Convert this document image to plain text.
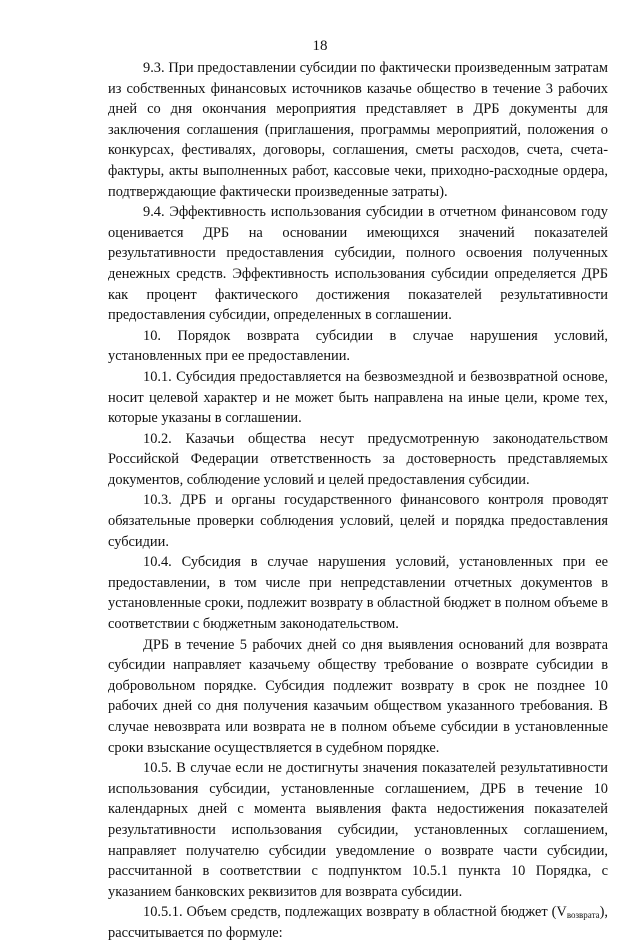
18

9.3. При предоставлении субсидии по фактически произведенным затратам из собственных финансовых источников казачье общество в течение 3 рабочих дней со дня окончания мероприятия представляет в ДРБ документы для заключения соглашения (приглашения, программы мероприятий, положения о конкурсах, фестивалях, договоры, соглашения, сметы расходов, счета, счета-фактуры, акты выполненных работ, кассовые чеки, приходно-расходные ордера, подтверждающие фактически произведенные затраты).

9.4. Эффективность использования субсидии в отчетном финансовом году оценивается ДРБ на основании имеющихся значений показателей результативности предоставления субсидии, полного освоения полученных денежных средств. Эффективность использования субсидии определяется ДРБ как процент фактического достижения показателей результативности предоставления субсидии, определенных в соглашении.

10. Порядок возврата субсидии в случае нарушения условий, установленных при ее предоставлении.

10.1. Субсидия предоставляется на безвозмездной и безвозвратной основе, носит целевой характер и не может быть направлена на иные цели, кроме тех, которые указаны в соглашении.

10.2. Казачьи общества несут предусмотренную законодательством Российской Федерации ответственность за достоверность представляемых документов, соблюдение условий и целей предоставления субсидии.

10.3. ДРБ и органы государственного финансового контроля проводят обязательные проверки соблюдения условий, целей и порядка предоставления субсидии.

10.4. Субсидия в случае нарушения условий, установленных при ее предоставлении, в том числе при непредставлении отчетных документов в установленные сроки, подлежит возврату в областной бюджет в полном объеме в соответствии с бюджетным законодательством.

ДРБ в течение 5 рабочих дней со дня выявления оснований для возврата субсидии направляет казачьему обществу требование о возврате субсидии в добровольном порядке. Субсидия подлежит возврату в срок не позднее 10 рабочих дней со дня получения казачьим обществом указанного требования. В случае невозврата или возврата не в полном объеме субсидии в установленные сроки взыскание осуществляется в судебном порядке.

10.5. В случае если не достигнуты значения показателей результативности использования субсидии, установленные соглашением, ДРБ в течение 10 календарных дней с момента выявления факта недостижения показателей результативности использования субсидии, установленных соглашением, направляет получателю субсидии уведомление о возврате части субсидии, рассчитанной в соответствии с подпунктом 10.5.1 пункта 10 Порядка, с указанием банковских реквизитов для возврата субсидии.

10.5.1. Объем средств, подлежащих возврату в областной бюджет $(V_{возврата})$, рассчитывается по формуле:
